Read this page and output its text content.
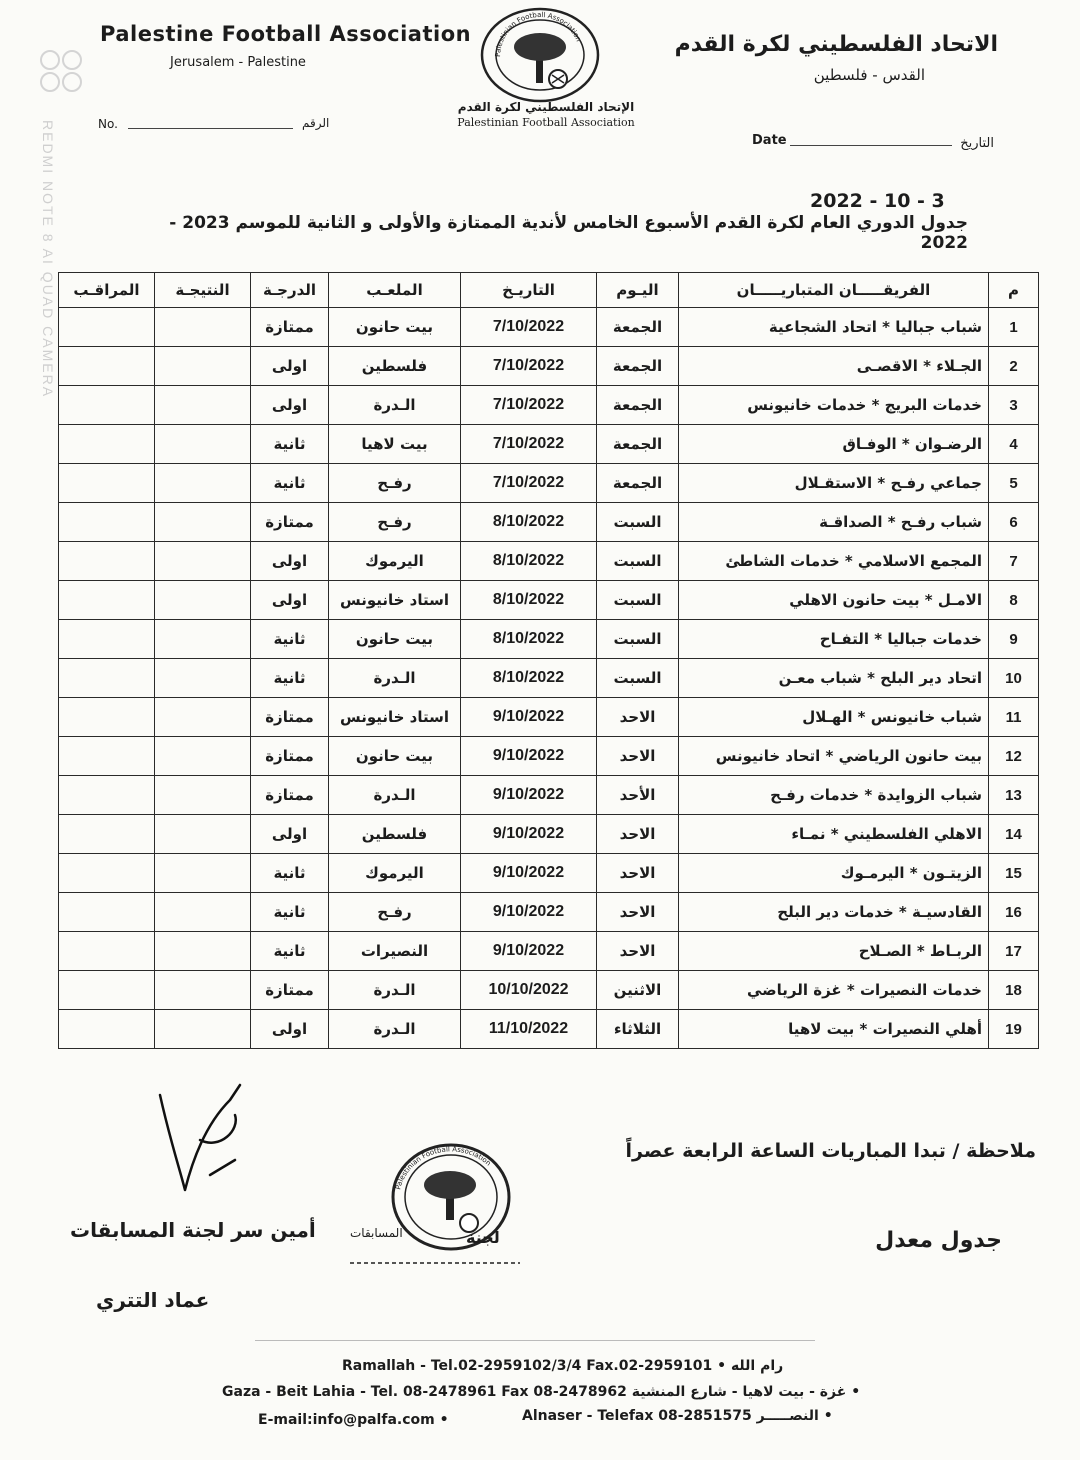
REDMI NOTE 8 AI QUAD CAMERA
Palestine Football Association
Jerusalem - Palestine
الاتحاد الفلسطيني لكرة القدم
القدس - فلسطين
Palestinian Football Association
الإتحاد الفلسطيني لكرة القدم
Palestinian Football Association
No.	الرقم
Date	التاريخ
2022 - 10 - 3
جدول الدوري العام لكرة القدم الأسبوع الخامس لأندية الممتازة والأولى و الثانية للموسم 2023 - 2022
م	الفريقـــــان المتباريـــــان	اليـوم	التاريـخ	الملعـب	الدرجـة	النتيجـة	المراقـب
1	شباب جباليا * اتحاد الشجاعية	الجمعة	7/10/2022	بيت حانون	ممتازة		
2	الجـلاء * الاقصـى	الجمعة	7/10/2022	فلسطين	اولى		
3	خدمات البريج * خدمات خانيونس	الجمعة	7/10/2022	الـدرة	اولى		
4	الرضـوان * الوفـاق	الجمعة	7/10/2022	بيت لاهيا	ثانية		
5	جماعي رفـح * الاستقـلال	الجمعة	7/10/2022	رفـح	ثانية		
6	شباب رفـح * الصداقـة	السبت	8/10/2022	رفـح	ممتازة		
7	المجمع الاسلامي * خدمات الشاطئ	السبت	8/10/2022	اليرموك	اولى		
8	الامـل * بيت حانون الاهلي	السبت	8/10/2022	استاد خانيونس	اولى		
9	خدمات جباليا * التفـاح	السبت	8/10/2022	بيت حانون	ثانية		
10	اتحاد دير البلح * شباب معـن	السبت	8/10/2022	الـدرة	ثانية		
11	شباب خانيونس * الهـلال	الاحد	9/10/2022	استاد خانيونس	ممتازة		
12	بيت حانون الرياضي * اتحاد خانيونس	الاحد	9/10/2022	بيت حانون	ممتازة		
13	شباب الزوايدة * خدمات رفـح	الأحد	9/10/2022	الـدرة	ممتازة		
14	الاهلي الفلسطيني * نمـاء	الاحد	9/10/2022	فلسطين	اولى		
15	الزيتـون * اليرمـوك	الاحد	9/10/2022	اليرموك	ثانية		
16	القادسيـة * خدمات دير البلح	الاحد	9/10/2022	رفـح	ثانية		
17	الربـاط * الصـلاح	الاحد	9/10/2022	النصيرات	ثانية		
18	خدمات النصيرات * غزة الرياضي	الاثنين	10/10/2022	الـدرة	ممتازة		
19	أهلي النصيرات * بيت لاهيا	الثلاثاء	11/10/2022	الـدرة	اولى		
ملاحظة / تبدا المباريات الساعة الرابعة عصراً
جدول معدل
أمين سر لجنة المسابقات
عماد التتري
Palestinian Football Association
لجنة
المسابقات
Ramallah - Tel.02-2959102/3/4 Fax.02-2959101 • رام الله
Gaza - Beit Lahia - Tel. 08-2478961 Fax 08-2478962 غزة - بيت لاهيا - شارع المنشية •
E-mail:info@palfa.com •	Alnaser - Telefax 08-2851575 النصـــــر •
